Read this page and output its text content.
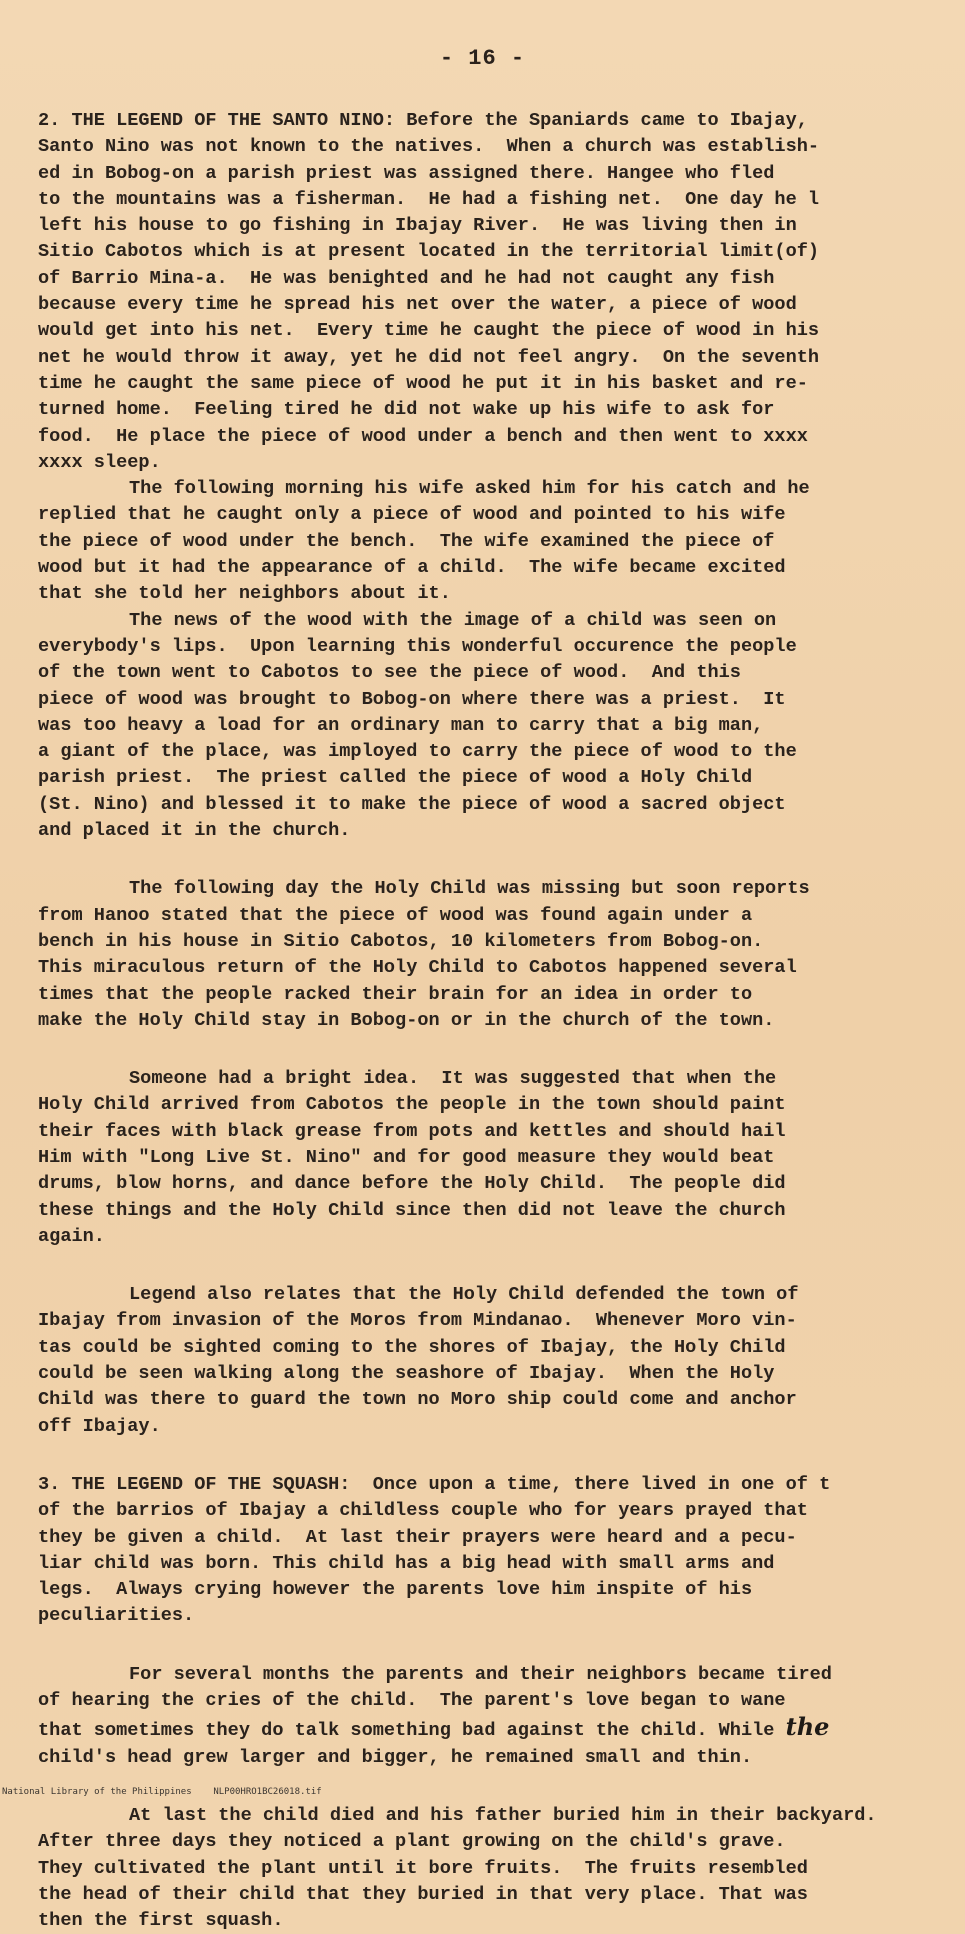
- 16 -
2. THE LEGEND OF THE SANTO NINO: Before the Spaniards came to Ibajay,
Santo Nino was not known to the natives.  When a church was establish-
ed in Bobog-on a parish priest was assigned there. Hangee who fled
to the mountains was a fisherman.  He had a fishing net.  One day he l
left his house to go fishing in Ibajay River.  He was living then in
Sitio Cabotos which is at present located in the territorial limit(of)
of Barrio Mina-a.  He was benighted and he had not caught any fish
because every time he spread his net over the water, a piece of wood
would get into his net.  Every time he caught the piece of wood in his
net he would throw it away, yet he did not feel angry.  On the seventh
time he caught the same piece of wood he put it in his basket and re-
turned home.  Feeling tired he did not wake up his wife to ask for
food.  He place the piece of wood under a bench and then went to xxxx
xxxx sleep.
The following morning his wife asked him for his catch and he
replied that he caught only a piece of wood and pointed to his wife
the piece of wood under the bench.  The wife examined the piece of
wood but it had the appearance of a child.  The wife became excited
that she told her neighbors about it.
The news of the wood with the image of a child was seen on
everybody's lips.  Upon learning this wonderful occurence the people
of the town went to Cabotos to see the piece of wood.  And this
piece of wood was brought to Bobog-on where there was a priest.  It
was too heavy a load for an ordinary man to carry that a big man,
a giant of the place, was imployed to carry the piece of wood to the
parish priest.  The priest called the piece of wood a Holy Child
(St. Nino) and blessed it to make the piece of wood a sacred object
and placed it in the church.
The following day the Holy Child was missing but soon reports
from Hanoo stated that the piece of wood was found again under a
bench in his house in Sitio Cabotos, 10 kilometers from Bobog-on.
This miraculous return of the Holy Child to Cabotos happened several
times that the people racked their brain for an idea in order to
make the Holy Child stay in Bobog-on or in the church of the town.
Someone had a bright idea.  It was suggested that when the
Holy Child arrived from Cabotos the people in the town should paint
their faces with black grease from pots and kettles and should hail
Him with "Long Live St. Nino" and for good measure they would beat
drums, blow horns, and dance before the Holy Child.  The people did
these things and the Holy Child since then did not leave the church
again.
Legend also relates that the Holy Child defended the town of
Ibajay from invasion of the Moros from Mindanao.  Whenever Moro vin-
tas could be sighted coming to the shores of Ibajay, the Holy Child
could be seen walking along the seashore of Ibajay.  When the Holy
Child was there to guard the town no Moro ship could come and anchor
off Ibajay.
3. THE LEGEND OF THE SQUASH:  Once upon a time, there lived in one of t
of the barrios of Ibajay a childless couple who for years prayed that
they be given a child.  At last their prayers were heard and a pecu-
liar child was born. This child has a big head with small arms and
legs.  Always crying however the parents love him inspite of his
peculiarities.
For several months the parents and their neighbors became tired
of hearing the cries of the child.  The parent's love began to wane
that sometimes they do talk something bad against the child. While the
child's head grew larger and bigger, he remained small and thin.
At last the child died and his father buried him in their backyard.
After three days they noticed a plant growing on the child's grave.
They cultivated the plant until it bore fruits.  The fruits resembled
the head of their child that they buried in that very place. That was
then the first squash.
National Library of the Philippines    NLP00HRO1BC26018.tif
